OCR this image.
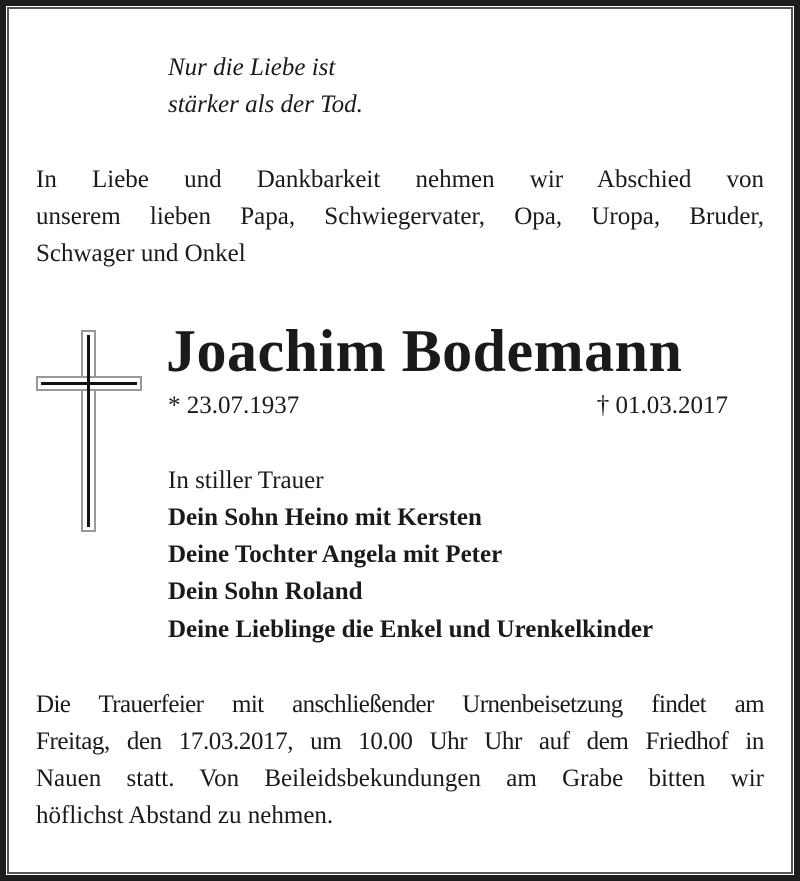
Nur die Liebe ist
stärker als der Tod.
In Liebe und Dankbarkeit nehmen wir Abschied von
unserem lieben Papa, Schwiegervater, Opa, Uropa, Bruder,
Schwager und Onkel
Joachim Bodemann
* 23.07.1937	† 01.03.2017
In stiller Trauer
Dein Sohn Heino mit Kersten
Deine Tochter Angela mit Peter
Dein Sohn Roland
Deine Lieblinge die Enkel und Urenkelkinder
Die Trauerfeier mit anschließender Urnenbeisetzung findet am
Freitag, den 17.03.2017, um 10.00 Uhr Uhr auf dem Friedhof in
Nauen statt. Von Beileidsbekundungen am Grabe bitten wir
höflichst Abstand zu nehmen.
